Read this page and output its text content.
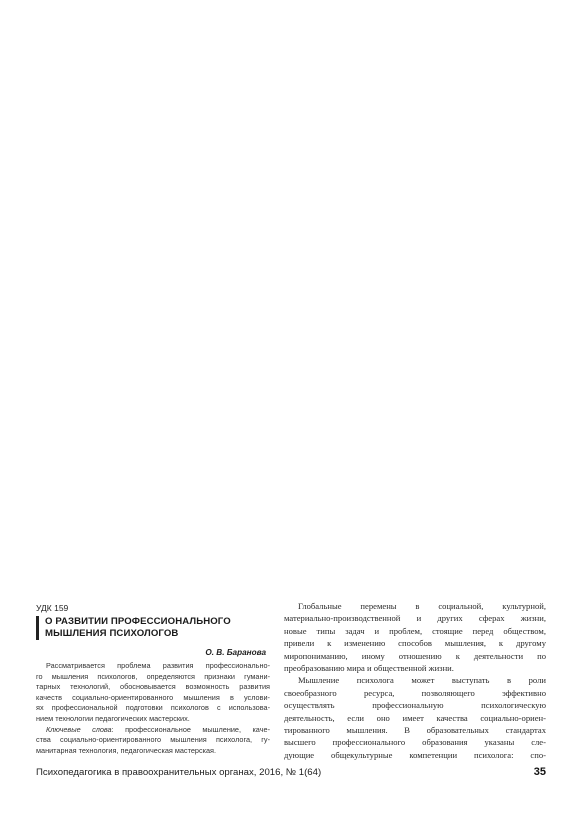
УДК 159
О РАЗВИТИИ ПРОФЕССИОНАЛЬНОГО
МЫШЛЕНИЯ ПСИХОЛОГОВ
О. В. Баранова
Рассматривается проблема развития профессионально-
го мышления психологов, определяются признаки гумани-
тарных технологий, обосновывается возможность развития
качеств социально-ориентированного мышления в услови-
ях профессиональной подготовки психологов с использова-
нием технологии педагогических мастерских.
Ключевые слова: профессиональное мышление, каче-
ства социально-ориентированного мышления психолога, гу-
манитарная технология, педагогическая мастерская.
Глобальные перемены в социальной, культурной,
материально-производственной и других сферах жизни,
новые типы задач и проблем, стоящие перед обществом,
привели к изменению способов мышления, к другому
миропониманию, иному отношению к деятельности по
преобразованию мира и общественной жизни.
Мышление психолога может выступать в роли
своеобразного ресурса, позволяющего эффективно
осуществлять профессиональную психологическую
деятельность, если оно имеет качества социально-ориен-
тированного мышления. В образовательных стандартах
высшего профессионального образования указаны сле-
дующие общекультурные компетенции психолога: спо-
Психопедагогика в правоохранительных органах, 2016, № 1(64)	35
